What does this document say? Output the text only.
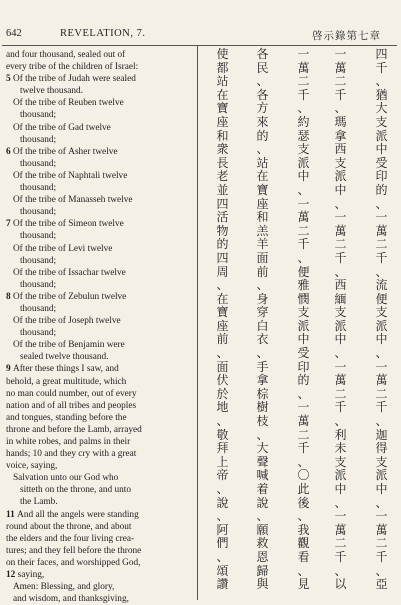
642	REVELATION, 7.	啓示錄第七章
and four thousand, sealed out of
every tribe of the children of Israel:
5 Of the tribe of Judah were sealed
twelve thousand.
Of the tribe of Reuben twelve
thousand;
Of the tribe of Gad twelve
thousand;
6 Of the tribe of Asher twelve
thousand;
Of the tribe of Naphtali twelve
thousand;
Of the tribe of Manasseh twelve
thousand;
7 Of the tribe of Simeon twelve
thousand;
Of the tribe of Levi twelve
thousand;
Of the tribe of Issachar twelve
thousand;
8 Of the tribe of Zebulun twelve
thousand;
Of the tribe of Joseph twelve
thousand;
Of the tribe of Benjamin were
sealed twelve thousand.
9 After these things I saw, and
behold, a great multitude, which
no man could number, out of every
nation and of all tribes and peoples
and tongues, standing before the
throne and before the Lamb, arrayed
in white robes, and palms in their
hands; 10 and they cry with a great
voice, saying,
Salvation unto our God who
sitteth on the throne, and unto
the Lamb.
11 And all the angels were standing
round about the throne, and about
the elders and the four living crea-
tures; and they fell before the throne
on their faces, and worshipped God,
12 saying,
Amen: Blessing, and glory,
and wisdom, and thanksgiving,
四
千
、
猶
大
支
派
中
受
印
的
、
一
萬
二
千
、
流
便
支
派
中
、
一
萬
二
千
、
迦
得
支
派
中
、
一
萬
二
千
、
亞
一
萬
二
千
、
瑪
拿
西
支
派
中
、
一
萬
二
千
、
西
緬
支
派
中
、
一
萬
二
千
、
利
未
支
派
中
、
一
萬
二
千
、
以
一
萬
二
千
、
約
瑟
支
派
中
、
一
萬
二
千
、
便
雅
憫
支
派
中
受
印
的
、
一
萬
二
千
、
〇
此
後
、
我
觀
看
、
見
各
民
、
各
方
來
的
、
站
在
寶
座
和
羔
羊
面
前
、
身
穿
白
衣
、
手
拿
棕
樹
枝
、
大
聲
喊
着
說
、
願
救
恩
歸
與
使
都
站
在
寶
座
和
衆
長
老
並
四
活
物
的
四
周
、
在
寶
座
前
、
面
伏
於
地
、
敬
拜
上
帝
、
說
、
阿
們
、
頌
讚
